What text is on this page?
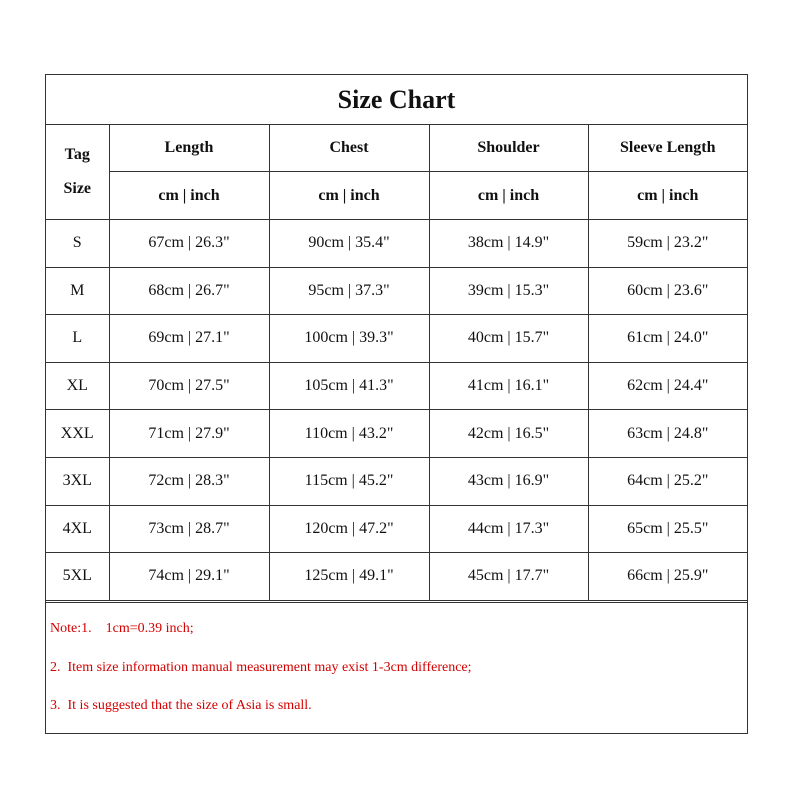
Size Chart
Tag
Size	Length	Chest	Shoulder	Sleeve Length
	cm | inch	cm | inch	cm | inch	cm | inch
S	67cm | 26.3"	90cm | 35.4"	38cm | 14.9"	59cm | 23.2"
M	68cm | 26.7"	95cm | 37.3"	39cm | 15.3"	60cm | 23.6"
L	69cm | 27.1"	100cm | 39.3"	40cm | 15.7"	61cm | 24.0"
XL	70cm | 27.5"	105cm | 41.3"	41cm | 16.1"	62cm | 24.4"
XXL	71cm | 27.9"	110cm | 43.2"	42cm | 16.5"	63cm | 24.8"
3XL	72cm | 28.3"	115cm | 45.2"	43cm | 16.9"	64cm | 25.2"
4XL	73cm | 28.7"	120cm | 47.2"	44cm | 17.3"	65cm | 25.5"
5XL	74cm | 29.1"	125cm | 49.1"	45cm | 17.7"	66cm | 25.9"
Note:1.    1cm=0.39 inch;
2.  Item size information manual measurement may exist 1-3cm difference;
3.  It is suggested that the size of Asia is small.
